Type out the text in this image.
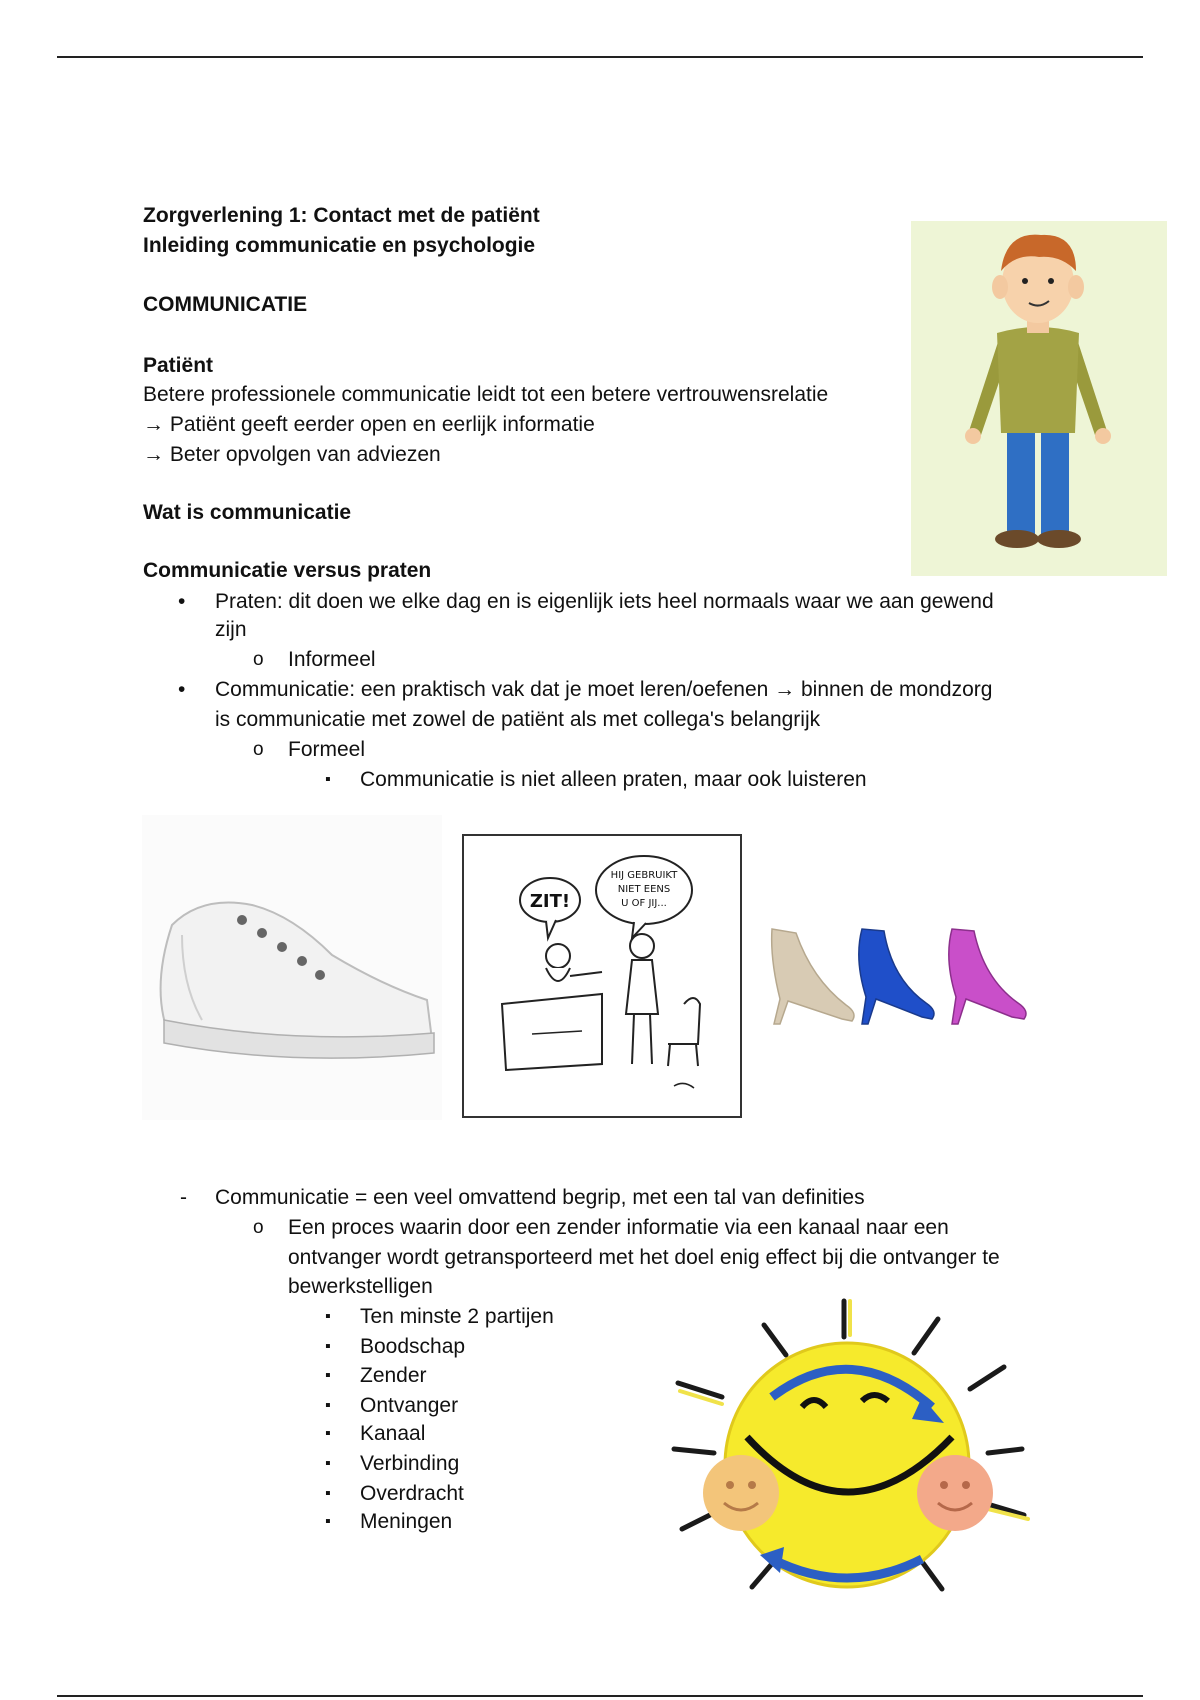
Zorgverlening 1: Contact met de patiënt
Inleiding communicatie en psychologie
COMMUNICATIE
Patiënt
Betere professionele communicatie leidt tot een betere vertrouwensrelatie
→ Patiënt geeft eerder open en eerlijk informatie
→ Beter opvolgen van adviezen
Wat is communicatie
Communicatie versus praten
• Praten: dit doen we elke dag en is eigenlijk iets heel normaals waar we aan gewend
zijn
o Informeel
• Communicatie: een praktisch vak dat je moet leren/oefenen → binnen de mondzorg
is communicatie met zowel de patiënt als met collega's belangrijk
o Formeel
▪ Communicatie is niet alleen praten, maar ook luisteren
- Communicatie = een veel omvattend begrip, met een tal van definities
o Een proces waarin door een zender informatie via een kanaal naar een
ontvanger wordt getransporteerd met het doel enig effect bij die ontvanger te
bewerkstelligen
▪ Ten minste 2 partijen
▪ Boodschap
▪ Zender
▪ Ontvanger
▪ Kanaal
▪ Verbinding
▪ Overdracht
▪ Meningen
ZIT!
HIJ GEBRUIKT
NIET EENS
U OF JIJ...
